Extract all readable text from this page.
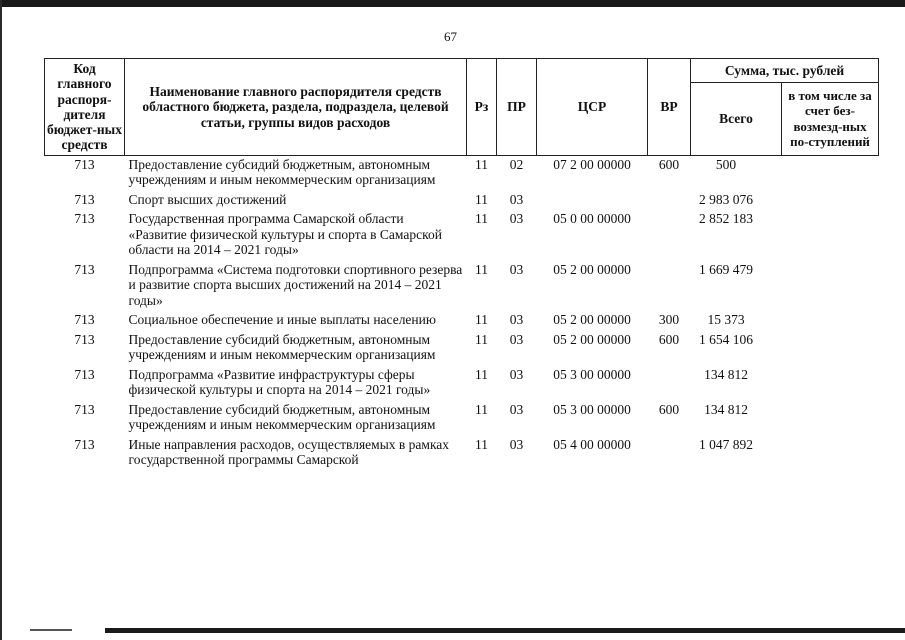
67
Код главного распоря-дителя бюджет-ных средств	Наименование главного распорядителя средств областного бюджета, раздела, подраздела, целевой статьи, группы видов расходов	Рз	ПР	ЦСР	ВР	Сумма, тыс. рублей	
						Всего	в том числе за счет без-возмезд-ных по-ступлений
713	Предоставление субсидий бюджетным, автономным учреждениям и иным некоммерческим организациям	11	02	07 2 00 00000	600	500	
713	Спорт высших достижений	11	03			2 983 076	
713	Государственная программа Самарской области «Развитие физической культуры и спорта в Самарской области на 2014 – 2021 годы»	11	03	05 0 00 00000		2 852 183	
713	Подпрограмма «Система подготовки спортивного резерва и развитие спорта высших достижений на 2014 – 2021 годы»	11	03	05 2 00 00000		1 669 479	
713	Социальное обеспечение и иные выплаты населению	11	03	05 2 00 00000	300	15 373	
713	Предоставление субсидий бюджетным, автономным учреждениям и иным некоммерческим организациям	11	03	05 2 00 00000	600	1 654 106	
713	Подпрограмма «Развитие инфраструктуры сферы физической культуры и спорта на 2014 – 2021 годы»	11	03	05 3 00 00000		134 812	
713	Предоставление субсидий бюджетным, автономным учреждениям и иным некоммерческим организациям	11	03	05 3 00 00000	600	134 812	
713	Иные направления расходов, осуществляемых в рамках государственной программы Самарской	11	03	05 4 00 00000		1 047 892	
